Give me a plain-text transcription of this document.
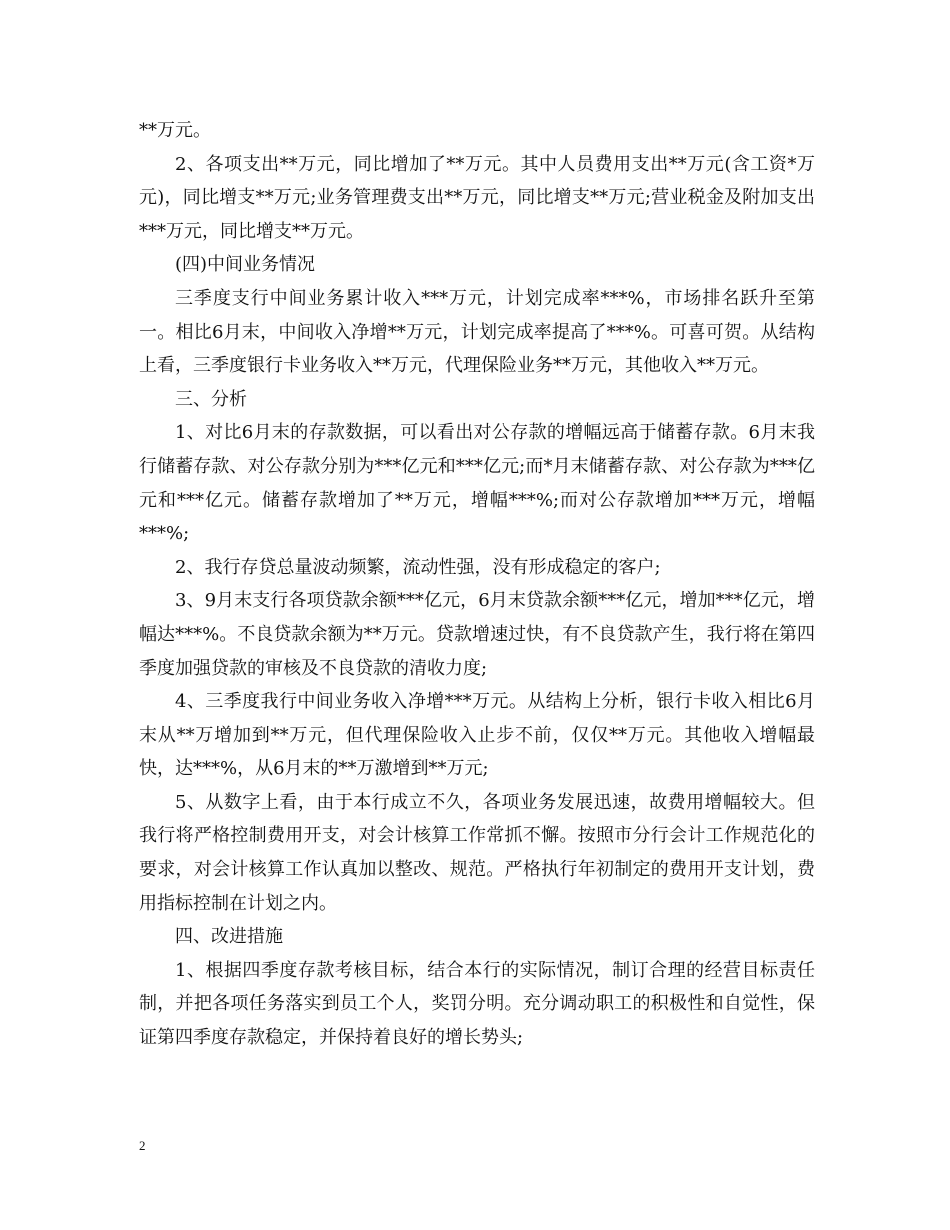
**万元。

2、各项支出**万元，同比增加了**万元。其中人员费用支出**万元(含工资*万元)，同比增支**万元;业务管理费支出**万元，同比增支**万元;营业税金及附加支出***万元，同比增支**万元。

(四)中间业务情况

三季度支行中间业务累计收入***万元，计划完成率***%，市场排名跃升至第一。相比6月末，中间收入净增**万元，计划完成率提高了***%。可喜可贺。从结构上看，三季度银行卡业务收入**万元，代理保险业务**万元，其他收入**万元。

三、分析

1、对比6月末的存款数据，可以看出对公存款的增幅远高于储蓄存款。6月末我行储蓄存款、对公存款分别为***亿元和***亿元;而*月末储蓄存款、对公存款为***亿元和***亿元。储蓄存款增加了**万元，增幅***%;而对公存款增加***万元，增幅***%;

2、我行存贷总量波动频繁，流动性强，没有形成稳定的客户;

3、9月末支行各项贷款余额***亿元，6月末贷款余额***亿元，增加***亿元，增幅达***%。不良贷款余额为**万元。贷款增速过快，有不良贷款产生，我行将在第四季度加强贷款的审核及不良贷款的清收力度;

4、三季度我行中间业务收入净增***万元。从结构上分析，银行卡收入相比6月末从**万增加到**万元，但代理保险收入止步不前，仅仅**万元。其他收入增幅最快，达***%，从6月末的**万激增到**万元;

5、从数字上看，由于本行成立不久，各项业务发展迅速，故费用增幅较大。但我行将严格控制费用开支，对会计核算工作常抓不懈。按照市分行会计工作规范化的要求，对会计核算工作认真加以整改、规范。严格执行年初制定的费用开支计划，费用指标控制在计划之内。

四、改进措施

1、根据四季度存款考核目标，结合本行的实际情况，制订合理的经营目标责任制，并把各项任务落实到员工个人，奖罚分明。充分调动职工的积极性和自觉性，保证第四季度存款稳定，并保持着良好的增长势头;

2
